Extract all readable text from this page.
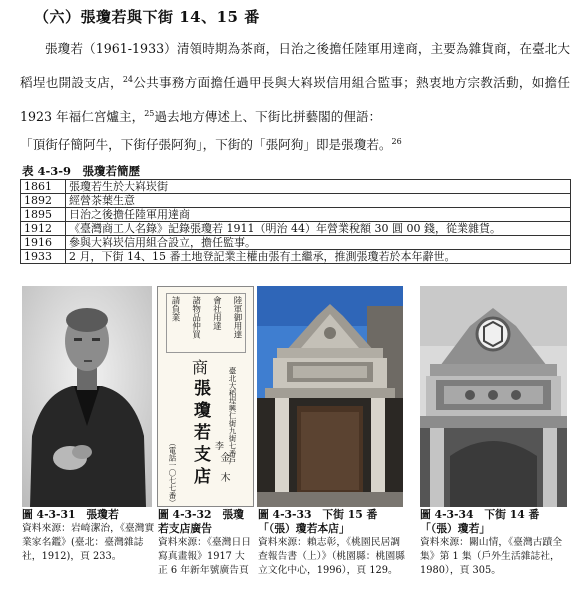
（六）張瓊若與下街 14、15 番
張瓊若（1961-1933）清領時期為茶商，日治之後擔任陸軍用達商，主要為雜貨商，在臺北大稻埕也開設支店，$^{24}$公共事務方面擔任過甲長與大嵙崁信用組合監事；熱衷地方宗教活動，如擔任 1923 年福仁宮爐主，$^{25}$過去地方傳述上、下街比拼藝閣的俚語：
「頂街仔簡阿牛，下街仔張阿狗」，下街的「張阿狗」即是張瓊若。$^{26}$
表 4-3-9　張瓊若簡歷
1861	張瓊若生於大嵙崁街
1892	經營茶葉生意
1895	日治之後擔任陸軍用達商
1912	《臺灣商工人名錄》記錄張瓊若 1911（明治 44）年營業稅額 30 圓 00 錢，從業雜貨。
1916	參與大嵙崁信用組合設立，擔任監事。
1933	2 月，下街 14、15 番土地登記業主權由張有土繼承，推測張瓊若於本年辭世。
陸軍御用達
會社用達
諸物品仲買
請負業
商	臺北大稻埕興仁街九街七番戶
張瓊若支店 李
金　木
（電話一〇七七番）
圖 4-3-31　張瓊若
資料來源：岩崎潔治，《臺灣實業家名鑑》(臺北：臺灣雜誌社，1912)，頁 233。
圖 4-3-32　張瓊若支店廣告
資料來源：《臺灣日日寫真畫報》1917 大正 6 年新年號廣告頁
圖 4-3-33　下街 15 番「（張）瓊若本店」
資料來源：賴志彰，《桃園民居調查報告書（上）》（桃園縣：桃園縣立文化中心，1996），頁 129。
圖 4-3-34　下街 14 番「（張）瓊若」
資料來源：關山情，《臺灣古蹟全集》第 1 集（戶外生活雜誌社，1980），頁 305。
